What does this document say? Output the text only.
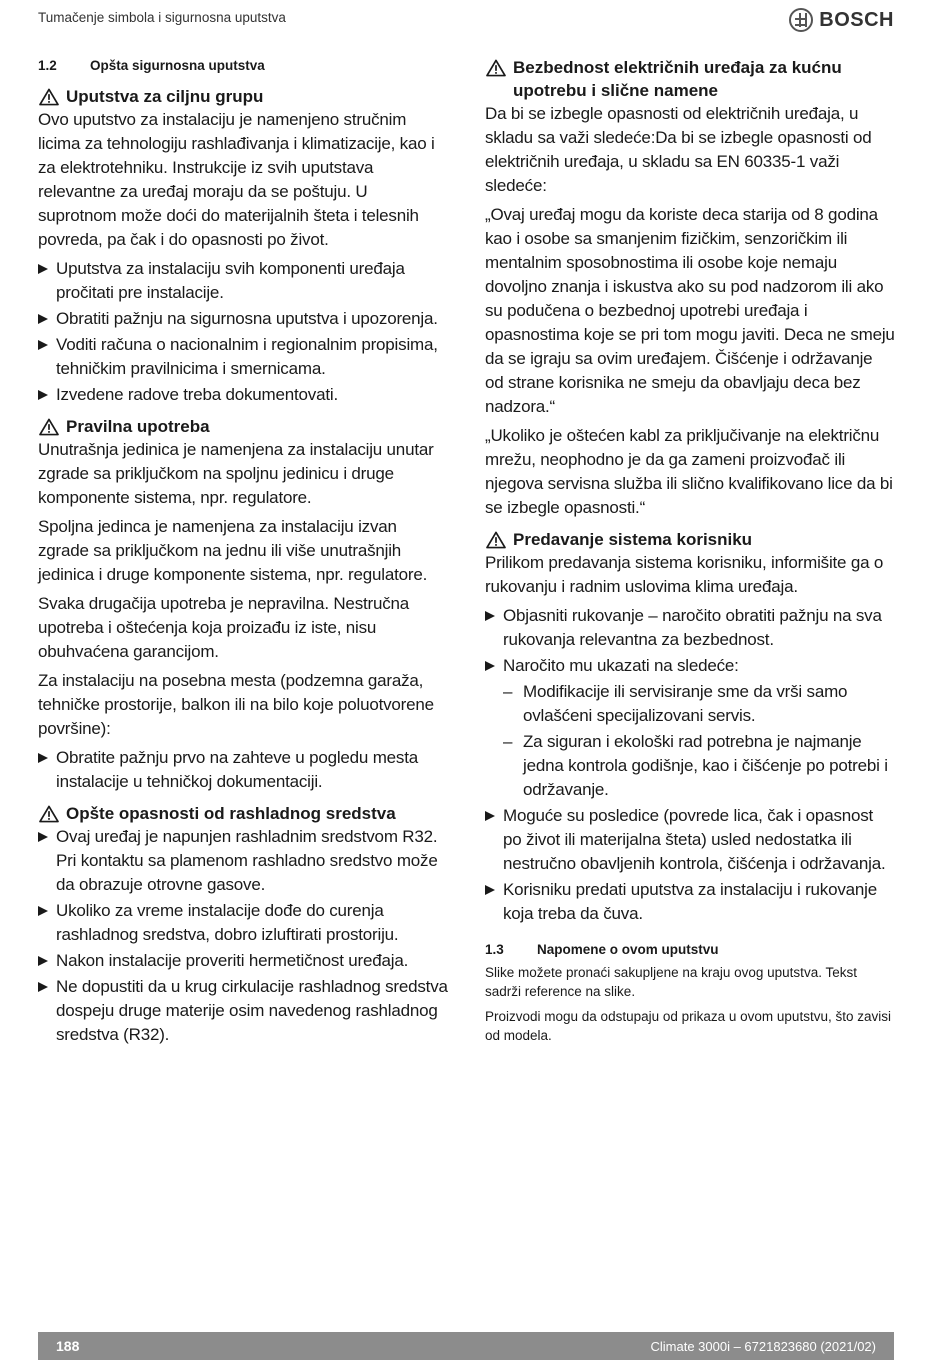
Tumačenje simbola i sigurnosna uputstva	BOSCH
1.2	Opšta sigurnosna uputstva
Uputstva za ciljnu grupu
Ovo uputstvo za instalaciju je namenjeno stručnim licima za tehnologiju rashlađivanja i klimatizacije, kao i za elektrotehniku. Instrukcije iz svih uputstava relevantne za uređaj moraju da se poštuju. U suprotnom može doći do materijalnih šteta i telesnih povreda, pa čak i do opasnosti po život.
Uputstva za instalaciju svih komponenti uređaja pročitati pre instalacije.
Obratiti pažnju na sigurnosna uputstva i upozorenja.
Voditi računa o nacionalnim i regionalnim propisima, tehničkim pravilnicima i smernicama.
Izvedene radove treba dokumentovati.
Pravilna upotreba
Unutrašnja jedinica je namenjena za instalaciju unutar zgrade sa priključkom na spoljnu jedinicu i druge komponente sistema, npr. regulatore.
Spoljna jedinca je namenjena za instalaciju izvan zgrade sa priključkom na jednu ili više unutrašnjih jedinica i druge komponente sistema, npr. regulatore.
Svaka drugačija upotreba je nepravilna. Nestručna upotreba i oštećenja koja proizađu iz iste, nisu obuhvaćena garancijom.
Za instalaciju na posebna mesta (podzemna garaža, tehničke prostorije, balkon ili na bilo koje poluotvorene površine):
Obratite pažnju prvo na zahteve u pogledu mesta instalacije u tehničkoj dokumentaciji.
Opšte opasnosti od rashladnog sredstva
Ovaj uređaj je napunjen rashladnim sredstvom R32. Pri kontaktu sa plamenom rashladno sredstvo može da obrazuje otrovne gasove.
Ukoliko za vreme instalacije dođe do curenja rashladnog sredstva, dobro izluftirati prostoriju.
Nakon instalacije proveriti hermetičnost uređaja.
Ne dopustiti da u krug cirkulacije rashladnog sredstva dospeju druge materije osim navedenog rashladnog sredstva (R32).
Bezbednost električnih uređaja za kućnu upotrebu i slične namene
Da bi se izbegle opasnosti od električnih uređaja, u skladu sa važi sledeće:Da bi se izbegle opasnosti od električnih uređaja, u skladu sa EN 60335-1 važi sledeće:
„Ovaj uređaj mogu da koriste deca starija od 8 godina kao i osobe sa smanjenim fizičkim, senzoričkim ili mentalnim sposobnostima ili osobe koje nemaju dovoljno znanja i iskustva ako su pod nadzorom ili ako su podučena o bezbednoj upotrebi uređaja i opasnostima koje se pri tom mogu javiti. Deca ne smeju da se igraju sa ovim uređajem. Čišćenje i održavanje od strane korisnika ne smeju da obavljaju deca bez nadzora.“
„Ukoliko je oštećen kabl za priključivanje na električnu mrežu, neophodno je da ga zameni proizvođač ili njegova servisna služba ili slično kvalifikovano lice da bi se izbegle opasnosti.“
Predavanje sistema korisniku
Prilikom predavanja sistema korisniku, informišite ga o rukovanju i radnim uslovima klima uređaja.
Objasniti rukovanje – naročito obratiti pažnju na sva rukovanja relevantna za bezbednost.
Naročito mu ukazati na sledeće:
– Modifikacije ili servisiranje sme da vrši samo ovlašćeni specijalizovani servis.
– Za siguran i ekološki rad potrebna je najmanje jedna kontrola godišnje, kao i čišćenje po potrebi i održavanje.
Moguće su posledice (povrede lica, čak i opasnost po život ili materijalna šteta) usled nedostatka ili nestručno obavljenih kontrola, čišćenja i održavanja.
Korisniku predati uputstva za instalaciju i rukovanje koja treba da čuva.
1.3	Napomene o ovom uputstvu
Slike možete pronaći sakupljene na kraju ovog uputstva. Tekst sadrži reference na slike.
Proizvodi mogu da odstupaju od prikaza u ovom uputstvu, što zavisi od modela.
188	Climate 3000i – 6721823680 (2021/02)
